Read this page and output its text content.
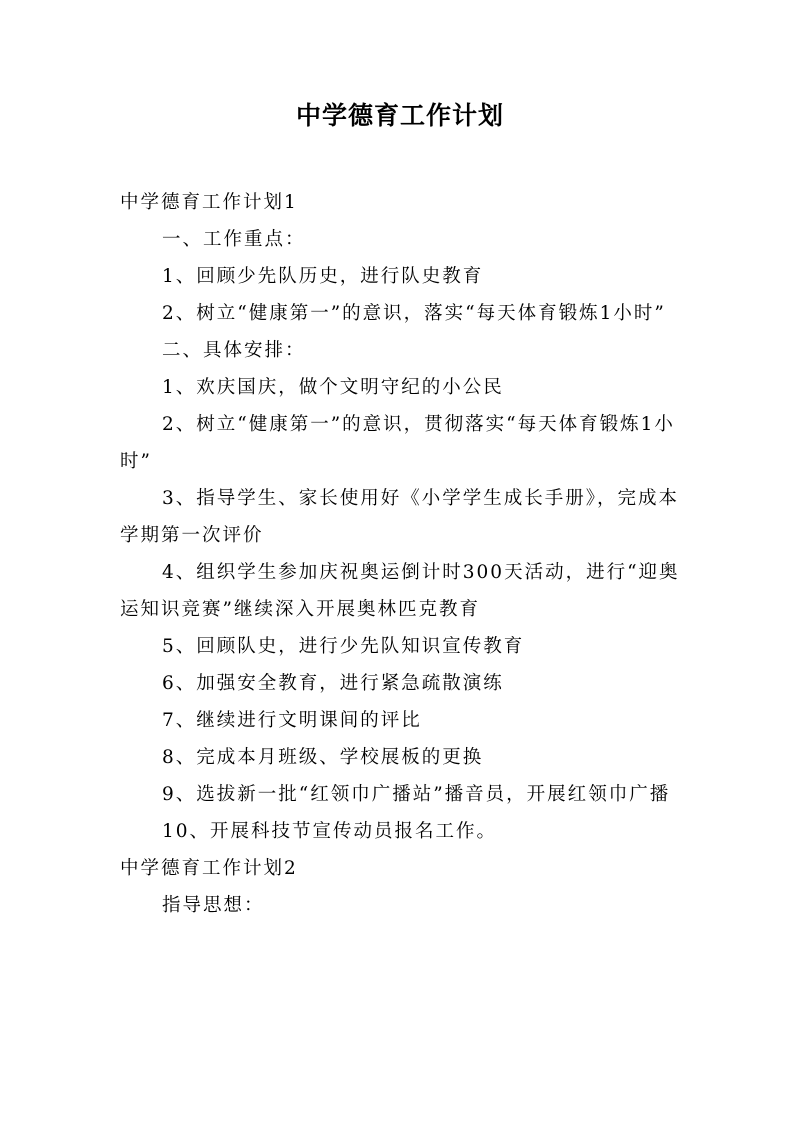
中学德育工作计划

中学德育工作计划1

一、工作重点：

1、回顾少先队历史，进行队史教育

2、树立“健康第一”的意识，落实“每天体育锻炼1小时”

二、具体安排：

1、欢庆国庆，做个文明守纪的小公民

2、树立“健康第一”的意识，贯彻落实“每天体育锻炼1小时”

3、指导学生、家长使用好《小学学生成长手册》，完成本学期第一次评价

4、组织学生参加庆祝奥运倒计时300天活动，进行“迎奥运知识竞赛”继续深入开展奥林匹克教育

5、回顾队史，进行少先队知识宣传教育

6、加强安全教育，进行紧急疏散演练

7、继续进行文明课间的评比

8、完成本月班级、学校展板的更换

9、选拔新一批“红领巾广播站”播音员，开展红领巾广播

10、开展科技节宣传动员报名工作。

中学德育工作计划2

指导思想：
